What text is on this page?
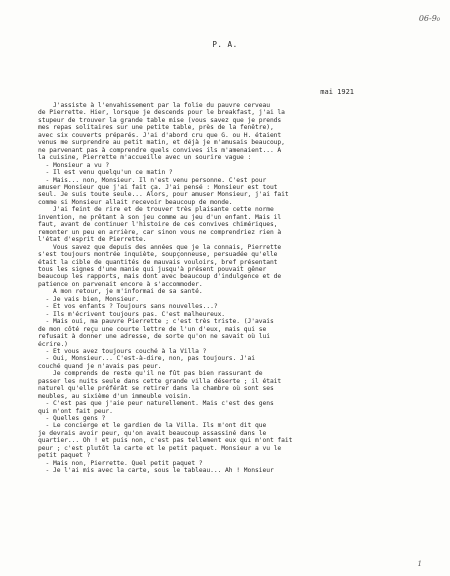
06-9₀
P. A.
mai 1921
J'assiste à l'envahissement par la folie du pauvre cerveau
de Pierrette. Hier, lorsque je descends pour le breakfast, j'ai la
stupeur de trouver la grande table mise (vous savez que je prends
mes repas solitaires sur une petite table, près de la fenêtre),
avec six couverts préparés. J'ai d'abord cru que G. ou H. étaient
venus me surprendre au petit matin, et déjà je m'amusais beaucoup,
ne parvenant pas à comprendre quels convives ils m'amenaient... A
la cuisine, Pierrette m'accueille avec un sourire vague :
- Monsieur a vu ?
- Il est venu quelqu'un ce matin ?
- Mais... non, Monsieur. Il n'est venu personne. C'est pour
amuser Monsieur que j'ai fait ça. J'ai pensé : Monsieur est tout
seul. Je suis toute seule... Alors, pour amuser Monsieur, j'ai fait
comme si Monsieur allait recevoir beaucoup de monde.
J'ai feint de rire et de trouver très plaisante cette norme
invention, ne prêtant à son jeu comme au jeu d'un enfant. Mais il
faut, avant de continuer l'histoire de ces convives chimériques,
remonter un peu en arrière, car sinon vous ne comprendriez rien à
l'état d'esprit de Pierrette.
Vous savez que depuis des années que je la connais, Pierrette
s'est toujours montrée inquiète, soupçonneuse, persuadée qu'elle
était la cible de quantités de mauvais vouloirs, bref présentant
tous les signes d'une manie qui jusqu'à présent pouvait gêner
beaucoup les rapports, mais dont avec beaucoup d'indulgence et de
patience on parvenait encore à s'accommoder.
A mon retour, je m'informai de sa santé.
- Je vais bien, Monsieur.
- Et vos enfants ? Toujours sans nouvelles...?
- Ils m'écrivent toujours pas. C'est malheureux.
- Mais oui, ma pauvre Pierrette ; c'est très triste. (J'avais
de mon côté reçu une courte lettre de l'un d'eux, mais qui se
refusait à donner une adresse, de sorte qu'on ne savait où lui
écrire.)
- Et vous avez toujours couché à la Villa ?
- Oui, Monsieur... C'est-à-dire, non, pas toujours. J'ai
couché quand je n'avais pas peur.
Je comprends de reste qu'il ne fût pas bien rassurant de
passer les nuits seule dans cette grande villa déserte ; il était
naturel qu'elle préférât se retirer dans la chambre où sont ses
meubles, au sixième d'un immeuble voisin.
- C'est pas que j'aie peur naturellement. Mais c'est des gens
qui m'ont fait peur.
- Quelles gens ?
- Le concierge et le gardien de la Villa. Ils m'ont dit que
je devrais avoir peur, qu'on avait beaucoup assassiné dans le
quartier... Oh ! et puis non, c'est pas tellement eux qui m'ont fait
peur ; c'est plutôt la carte et le petit paquet. Monsieur a vu le
petit paquet ?
- Mais non, Pierrette. Quel petit paquet ?
- Je l'ai mis avec la carte, sous le tableau... Ah ! Monsieur
1
